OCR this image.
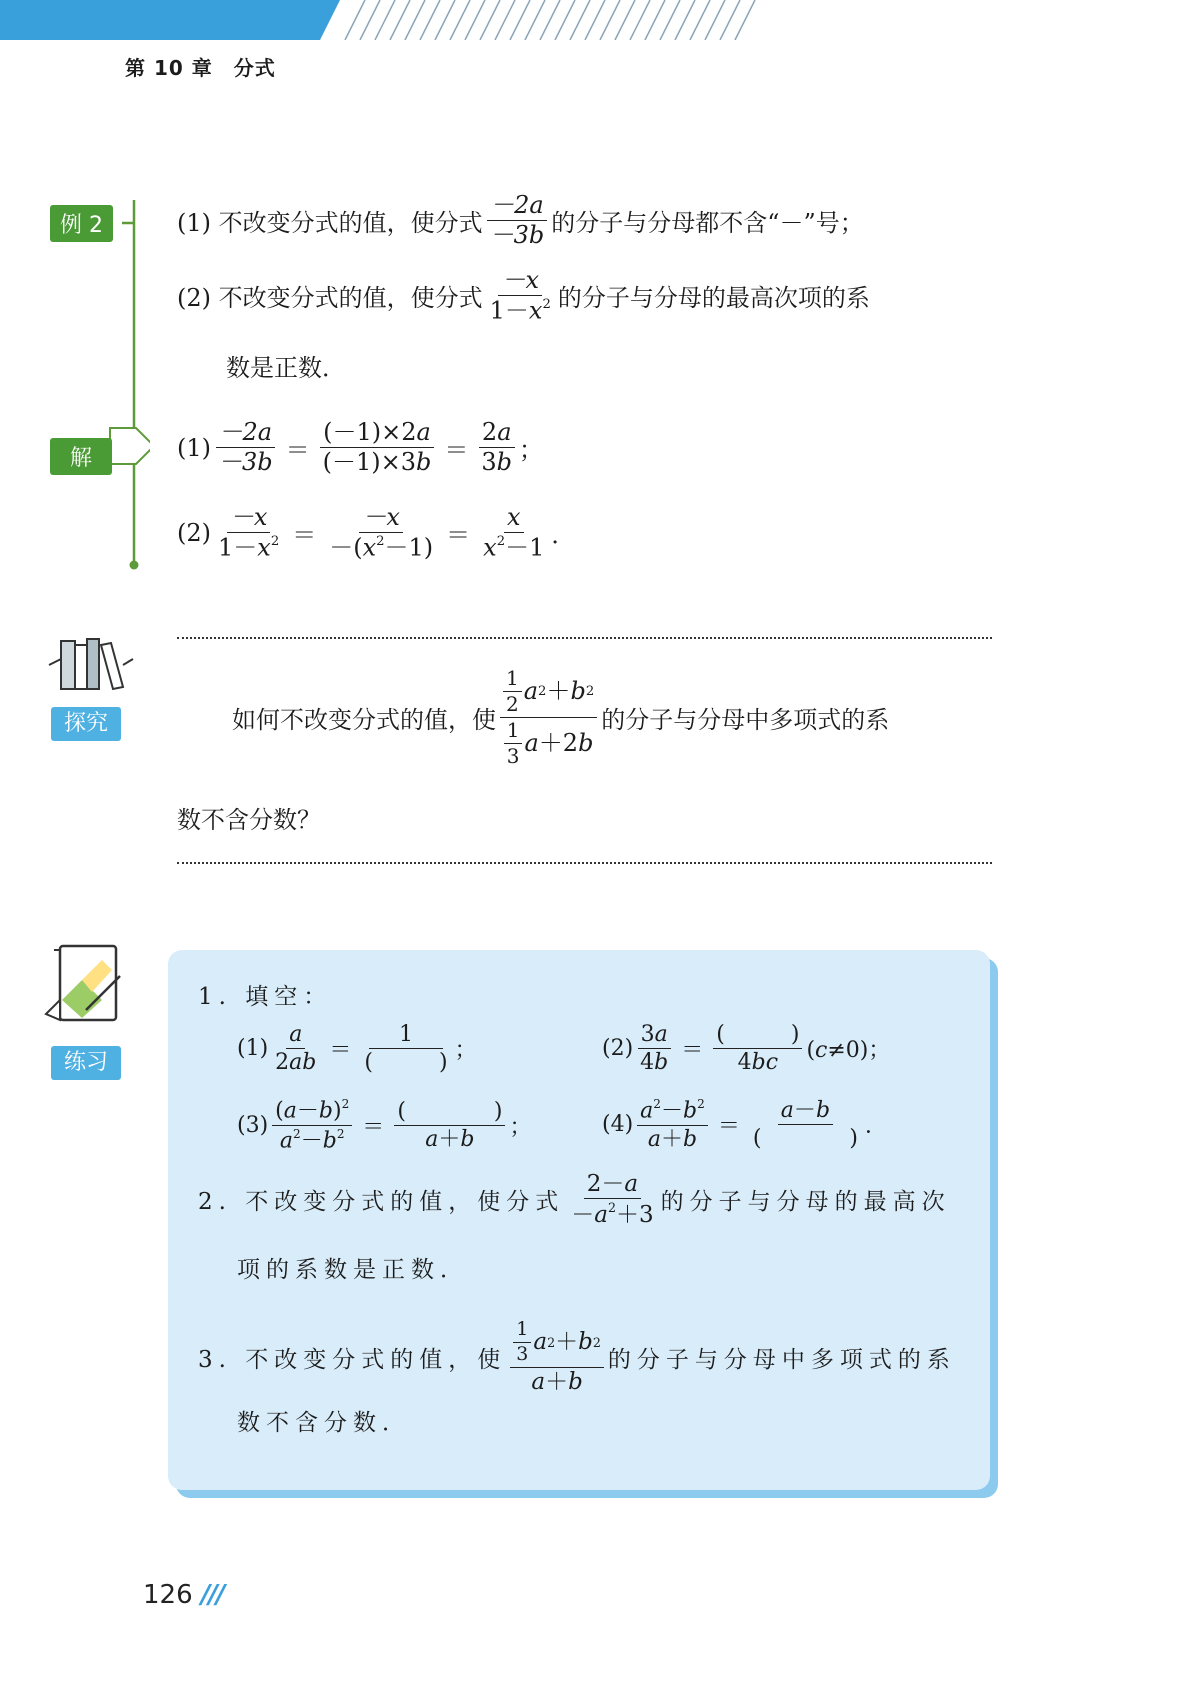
第 10 章　分式
例 2
解
(1) 不改变分式的值，使分式 $\frac{-2a}{-3b}$ 的分子与分母都不含“－”号；
(2) 不改变分式的值，使分式 $\frac{-x}{1-x^2}$ 的分子与分母的最高次项的系
数是正数．
$(1) \frac{-2a}{-3b} = \frac{(-1)\times 2a}{(-1)\times 3b} = \frac{2a}{3b}$ ；
$(2) \frac{-x}{1-x^2} = \frac{-x}{-(x^2-1)} = \frac{x}{x^2-1}$ ．
探究	如何不改变分式的值，使 $\frac{\frac{1}{2} a 2 + b 2}{\frac{1}{3} a +2 b}$ 的分子与分母中多项式的系
数不含分数？
练习
1. 填空：
$(1) \frac{a}{2ab} = \frac{1}{( )}$ ；	$(2) \frac{3a}{4b} = \frac{( )}{4bc} (c\ne 0)$；
$(3) \frac{(a-b)^2}{a^2-b^2} = \frac{( )}{a+b}$ ；	$(4) \frac{a^2-b^2}{a+b} = \frac{a-b}{( )}$ ．
2. 不改变分式的值，使分式 $\frac{2-a}{-a^2+3}$ 的分子与分母的最高次
项的系数是正数．
3. 不改变分式的值，使 $\frac{\frac{1}{3} a 2 + b 2}{a+b}$ 的分子与分母中多项式的系
数不含分数．
126 ///
